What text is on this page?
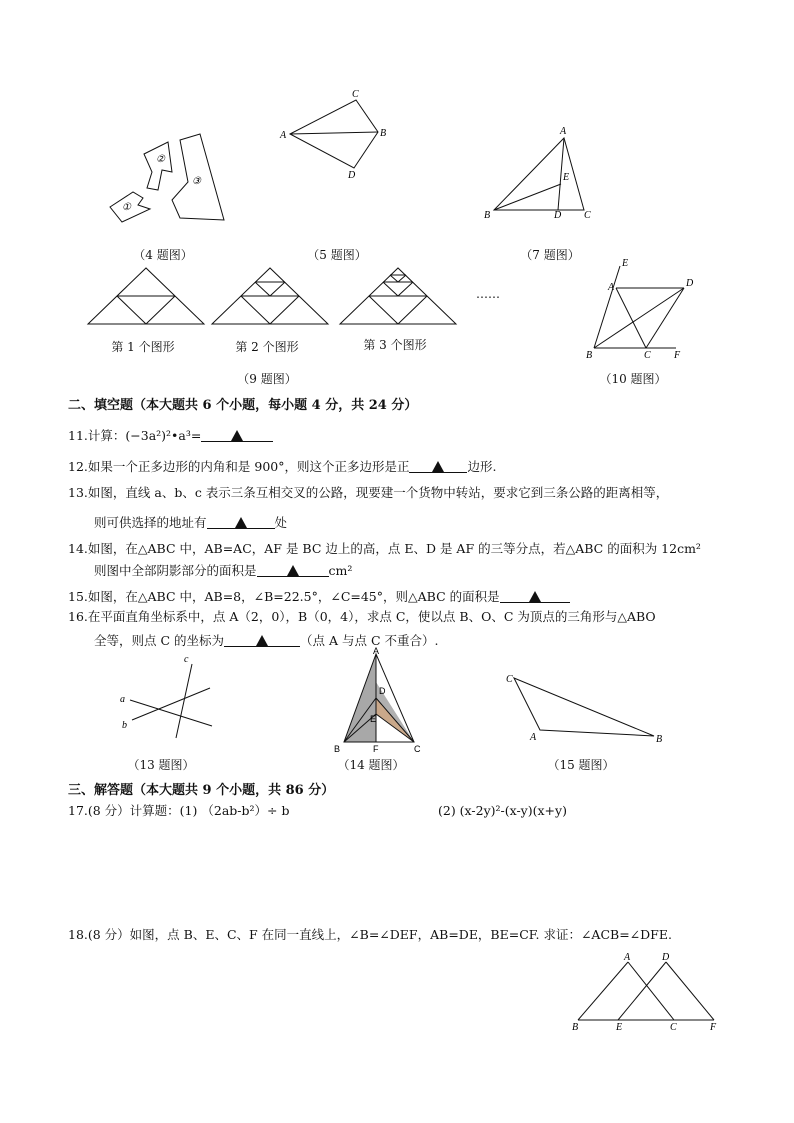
①
②
③
（4 题图）
A	B
C
D
（5 题图）
A
B	C
D
E
（7 题图）
第 1 个图形	第 2 个图形	第 3 个图形
……
（9 题图）
E
A	D
B	C F
（10 题图）
二、填空题（本大题共 6 个小题，每小题 4 分，共 24 分）
11.计算：(−3a²)²•a³=
12.如果一个正多边形的内角和是 900°，则这个正多边形是正	边形.
13.如图，直线 a、b、c 表示三条互相交叉的公路，现要建一个货物中转站，要求它到三条公路的距离相等，
则可供选择的地址有	处
14.如图，在△ABC 中，AB=AC，AF 是 BC 边上的高，点 E、D 是 AF 的三等分点，若△ABC 的面积为 12cm²
则图中全部阴影部分的面积是	cm²
15.如图，在△ABC 中，AB=8，∠B=22.5°，∠C=45°，则△ABC 的面积是
16.在平面直角坐标系中，点 A（2，0），B（0，4），求点 C，使以点 B、O、C 为顶点的三角形与△ABO
全等，则点 C 的坐标为	（点 A 与点 C 不重合）.
c
a
b
（13 题图）
A
D
E
B	F	C
（14 题图）
C
A	B
（15 题图）
三、解答题（本大题共 9 个小题，共 86 分）
17.(8 分）计算题：(1) （2ab-b²）÷ b	(2) (x-2y)²-(x-y)(x+y)
18.(8 分）如图，点 B、E、C、F 在同一直线上，∠B=∠DEF，AB=DE，BE=CF. 求证：∠ACB=∠DFE.
A	D
B	E	C	F
